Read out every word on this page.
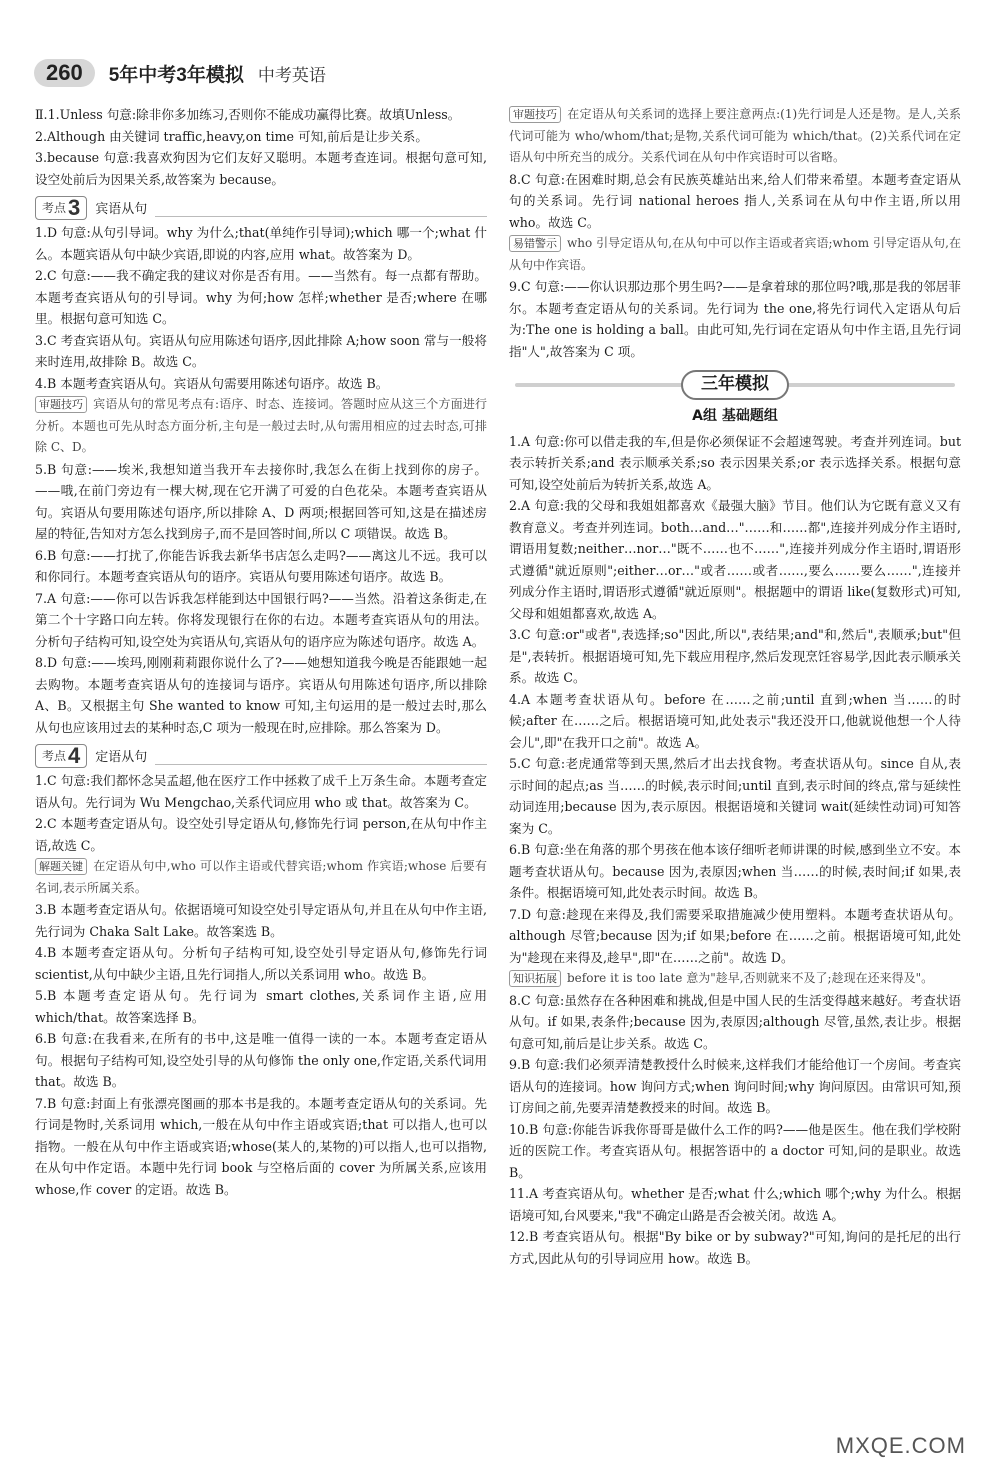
260	5年中考3年模拟 中考英语

Ⅱ.1.Unless 句意:除非你多加练习,否则你不能成功赢得比赛。故填Unless。

2.Although 由关键词 traffic,heavy,on time 可知,前后是让步关系。

3.because 句意:我喜欢狗因为它们友好又聪明。本题考查连词。根据句意可知,设空处前后为因果关系,故答案为 because。

考点 3 宾语从句

1.D 句意:从句引导词。why 为什么;that(单纯作引导词);which 哪一个;what 什么。本题宾语从句中缺少宾语,即说的内容,应用 what。故答案为 D。

2.C 句意:——我不确定我的建议对你是否有用。——当然有。每一点都有帮助。本题考查宾语从句的引导词。why 为何;how 怎样;whether 是否;where 在哪里。根据句意可知选 C。

3.C 考查宾语从句。宾语从句应用陈述句语序,因此排除 A;how soon 常与一般将来时连用,故排除 B。故选 C。

4.B 本题考查宾语从句。宾语从句需要用陈述句语序。故选 B。

审题技巧 宾语从句的常见考点有:语序、时态、连接词。答题时应从这三个方面进行分析。本题也可先从时态方面分析,主句是一般过去时,从句需用相应的过去时态,可排除 C、D。

5.B 句意:——埃米,我想知道当我开车去接你时,我怎么在街上找到你的房子。——哦,在前门旁边有一棵大树,现在它开满了可爱的白色花朵。本题考查宾语从句。宾语从句要用陈述句语序,所以排除 A、D 两项;根据回答可知,这是在描述房屋的特征,告知对方怎么找到房子,而不是回答时间,所以 C 项错误。故选 B。

6.B 句意:——打扰了,你能告诉我去新华书店怎么走吗?——离这儿不远。我可以和你同行。本题考查宾语从句的语序。宾语从句要用陈述句语序。故选 B。

7.A 句意:——你可以告诉我怎样能到达中国银行吗?——当然。沿着这条街走,在第二个十字路口向左转。你将发现银行在你的右边。本题考查宾语从句的用法。分析句子结构可知,设空处为宾语从句,宾语从句的语序应为陈述句语序。故选 A。

8.D 句意:——埃玛,刚刚莉莉跟你说什么了?——她想知道我今晚是否能跟她一起去购物。本题考查宾语从句的连接词与语序。宾语从句用陈述句语序,所以排除 A、B。又根据主句 She wanted to know 可知,主句运用的是一般过去时,那么从句也应该用过去的某种时态,C 项为一般现在时,应排除。那么答案为 D。

考点 4 定语从句

1.C 句意:我们都怀念吴孟超,他在医疗工作中拯救了成千上万条生命。本题考查定语从句。先行词为 Wu Mengchao,关系代词应用 who 或 that。故答案为 C。

2.C 本题考查定语从句。设空处引导定语从句,修饰先行词 person,在从句中作主语,故选 C。

解题关键 在定语从句中,who 可以作主语或代替宾语;whom 作宾语;whose 后要有名词,表示所属关系。

3.B 本题考查定语从句。依据语境可知设空处引导定语从句,并且在从句中作主语,先行词为 Chaka Salt Lake。故答案选 B。

4.B 本题考查定语从句。分析句子结构可知,设空处引导定语从句,修饰先行词 scientist,从句中缺少主语,且先行词指人,所以关系词用 who。故选 B。

5.B 本题考查定语从句。先行词为 smart clothes,关系词作主语,应用 which/that。故答案选择 B。

6.B 句意:在我看来,在所有的书中,这是唯一值得一读的一本。本题考查定语从句。根据句子结构可知,设空处引导的从句修饰 the only one,作定语,关系代词用 that。故选 B。

7.B 句意:封面上有张漂亮图画的那本书是我的。本题考查定语从句的关系词。先行词是物时,关系词用 which,一般在从句中作主语或宾语;that 可以指人,也可以指物。一般在从句中作主语或宾语;whose(某人的,某物的)可以指人,也可以指物,在从句中作定语。本题中先行词 book 与空格后面的 cover 为所属关系,应该用 whose,作 cover 的定语。故选 B。

审题技巧 在定语从句关系词的选择上要注意两点:(1)先行词是人还是物。是人,关系代词可能为 who/whom/that;是物,关系代词可能为 which/that。(2)关系代词在定语从句中所充当的成分。关系代词在从句中作宾语时可以省略。

8.C 句意:在困难时期,总会有民族英雄站出来,给人们带来希望。本题考查定语从句的关系词。先行词 national heroes 指人,关系词在从句中作主语,所以用 who。故选 C。

易错警示 who 引导定语从句,在从句中可以作主语或者宾语;whom 引导定语从句,在从句中作宾语。

9.C 句意:——你认识那边那个男生吗?——是拿着球的那位吗?哦,那是我的邻居菲尔。本题考查定语从句的关系词。先行词为 the one,将先行词代入定语从句后为:The one is holding a ball。由此可知,先行词在定语从句中作主语,且先行词指"人",故答案为 C 项。

三年模拟
A组 基础题组

1.A 句意:你可以借走我的车,但是你必须保证不会超速驾驶。考查并列连词。but 表示转折关系;and 表示顺承关系;so 表示因果关系;or 表示选择关系。根据句意可知,设空处前后为转折关系,故选 A。

2.A 句意:我的父母和我姐姐都喜欢《最强大脑》节目。他们认为它既有意义又有教育意义。考查并列连词。both…and…"……和……都",连接并列成分作主语时,谓语用复数;neither…nor…"既不……也不……",连接并列成分作主语时,谓语形式遵循"就近原则";either…or…"或者……或者……,要么……要么……",连接并列成分作主语时,谓语形式遵循"就近原则"。根据题中的谓语 like(复数形式)可知,父母和姐姐都喜欢,故选 A。

3.C 句意:or"或者",表选择;so"因此,所以",表结果;and"和,然后",表顺承;but"但是",表转折。根据语境可知,先下载应用程序,然后发现烹饪容易学,因此表示顺承关系。故选 C。

4.A 本题考查状语从句。before 在……之前;until 直到;when 当……的时候;after 在……之后。根据语境可知,此处表示"我还没开口,他就说他想一个人待会儿",即"在我开口之前"。故选 A。

5.C 句意:老虎通常等到天黑,然后才出去找食物。考查状语从句。since 自从,表示时间的起点;as 当……的时候,表示时间;until 直到,表示时间的终点,常与延续性动词连用;because 因为,表示原因。根据语境和关键词 wait(延续性动词)可知答案为 C。

6.B 句意:坐在角落的那个男孩在他本该仔细听老师讲课的时候,感到坐立不安。本题考查状语从句。because 因为,表原因;when 当……的时候,表时间;if 如果,表条件。根据语境可知,此处表示时间。故选 B。

7.D 句意:趁现在来得及,我们需要采取措施减少使用塑料。本题考查状语从句。although 尽管;because 因为;if 如果;before 在……之前。根据语境可知,此处为"趁现在来得及,趁早",即"在……之前"。故选 D。

知识拓展 before it is too late 意为"趁早,否则就来不及了;趁现在还来得及"。

8.C 句意:虽然存在各种困难和挑战,但是中国人民的生活变得越来越好。考查状语从句。if 如果,表条件;because 因为,表原因;although 尽管,虽然,表让步。根据句意可知,前后是让步关系。故选 C。

9.B 句意:我们必须弄清楚教授什么时候来,这样我们才能给他订一个房间。考查宾语从句的连接词。how 询问方式;when 询问时间;why 询问原因。由常识可知,预订房间之前,先要弄清楚教授来的时间。故选 B。

10.B 句意:你能告诉我你哥哥是做什么工作的吗?——他是医生。他在我们学校附近的医院工作。考查宾语从句。根据答语中的 a doctor 可知,问的是职业。故选 B。

11.A 考查宾语从句。whether 是否;what 什么;which 哪个;why 为什么。根据语境可知,台风要来,"我"不确定山路是否会被关闭。故选 A。

12.B 考查宾语从句。根据"By bike or by subway?"可知,询问的是托尼的出行方式,因此从句的引导词应用 how。故选 B。

MXQE.COM
